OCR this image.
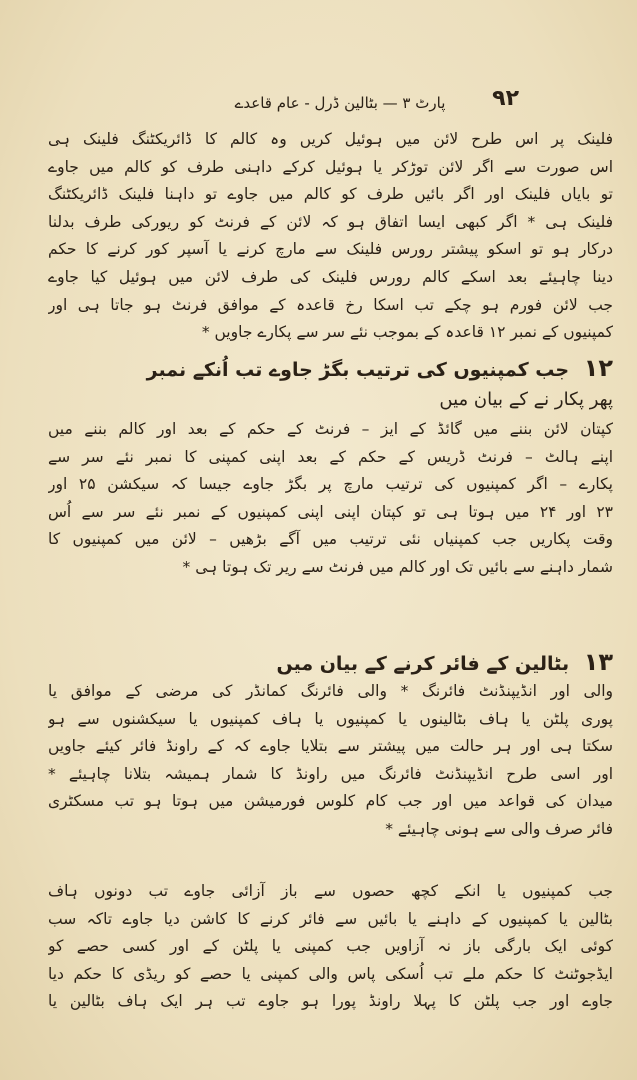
۹۲
پارٹ ۳ — بٹالین ڈرل - عام قاعدے
فلینک پر اس طرح لائن میں ہوئیل کریں وہ کالم کا ڈائریکٹنگ فلینک ہی
اس صورت سے اگر لائن توڑکر یا ہوئیل کرکے داہنی طرف کو کالم میں جاوے
تو بایاں فلینک اور اگر بائیں طرف کو کالم میں جاوے تو داہنا فلینک ڈائریکٹنگ
فلینک ہی * اگر کبھی ایسا اتفاق ہو کہ لائن کے فرنٹ کو ریورکی طرف بدلنا
درکار ہو تو اسکو پیشتر رورس فلینک سے مارچ کرنے یا آسپر کور کرنے کا حکم
دینا چاہیئے بعد اسکے کالم رورس فلینک کی طرف لائن میں ہوئیل کیا جاوے
جب لائن فورم ہو چکے تب اسکا رخ قاعدہ کے موافق فرنٹ ہو جاتا ہی اور
کمپنیوں کے نمبر ۱۲ قاعدہ کے بموجب نئے سر سے پکارے جاویں *
۱۲ جب کمپنیوں کی ترتیب بگڑ جاوے تب اُنکے نمبر
پھر پکار نے کے بیان میں
کپتان لائن بننے میں گائڈ کے ایز – فرنٹ کے حکم کے بعد اور کالم بننے میں
اپنے ہالٹ – فرنٹ ڈریس کے حکم کے بعد اپنی کمپنی کا نمبر نئے سر سے
پکارے – اگر کمپنیوں کی ترتیب مارچ پر بگڑ جاوے جیسا کہ سیکشن ۲۵ اور
۲۳ اور ۲۴ میں ہوتا ہی تو کپتان اپنی اپنی کمپنیوں کے نمبر نئے سر سے اُس
وقت پکاریں جب کمپنیاں نئی ترتیب میں آگے بڑھیں – لائن میں کمپنیوں کا
شمار داہنے سے بائیں تک اور کالم میں فرنٹ سے ریر تک ہوتا ہی *
۱۳ بٹالین کے فائر کرنے کے بیان میں
والی اور انڈیپنڈنٹ فائرنگ * والی فائرنگ کمانڈر کی مرضی کے موافق یا
پوری پلٹن یا ہاف بٹالینوں یا کمپنیوں یا ہاف کمپنیوں یا سیکشنوں سے ہو
سکتا ہی اور ہر حالت میں پیشتر سے بتلایا جاوے کہ کے راونڈ فائر کیئے جاویں
اور اسی طرح انڈیپنڈنٹ فائرنگ میں راونڈ کا شمار ہمیشہ بتلانا چاہیئے *
میدان کی قواعد میں اور جب کام کلوس فورمیشن میں ہوتا ہو تب مسکٹری
فائر صرف والی سے ہونی چاہیئے *
جب کمپنیوں یا انکے کچھ حصوں سے باز آزائی جاوے تب دونوں ہاف
بٹالین یا کمپنیوں کے داہنے یا بائیں سے فائر کرنے کا کاشن دیا جاوے تاکہ سب
کوئی ایک بارگی باز نہ آزاویں جب کمپنی یا پلٹن کے اور کسی حصے کو
ایڈجوٹنٹ کا حکم ملے تب اُسکی پاس والی کمپنی یا حصے کو ریڈی کا حکم دیا
جاوے اور جب پلٹن کا پہلا راونڈ پورا ہو جاوے تب ہر ایک ہاف بٹالین یا
